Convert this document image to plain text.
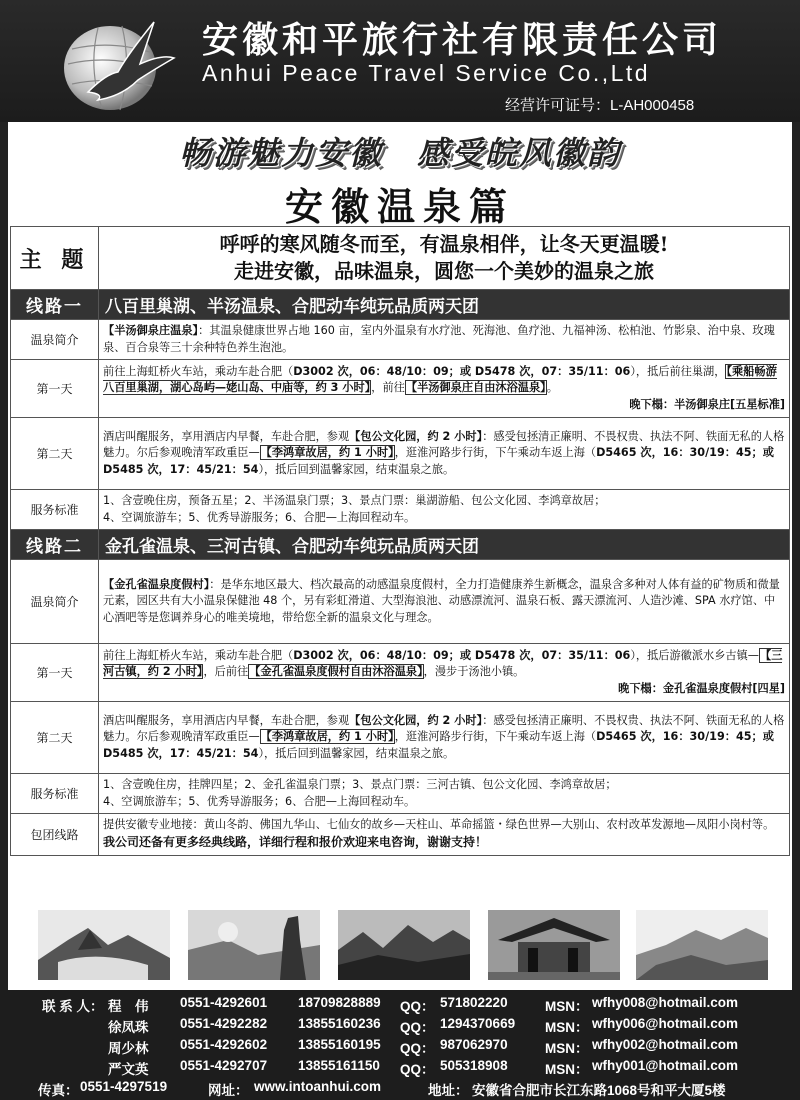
安徽和平旅行社有限责任公司
Anhui Peace Travel Service Co.,Ltd
经营许可证号：L-AH000458
畅游魅力安徽　感受皖风徽韵
安徽温泉篇
主 题	呼呼的寒风随冬而至，有温泉相伴，让冬天更温暖!
走进安徽，品味温泉，圆您一个美妙的温泉之旅

线路一	八百里巢湖、半汤温泉、合肥动车纯玩品质两天团
温泉简介	【半汤御泉庄温泉】：其温泉健康世界占地 160 亩，室内外温泉有水疗池、死海池、鱼疗池、九福神汤、松柏池、竹影泉、治中泉、玫瑰泉、百合泉等三十余种特色养生泡池。
第一天	前往上海虹桥火车站，乘动车赴合肥（D3002 次，06：48/10：09；或 D5478 次，07：35/11：06），抵后前往巢湖，【乘船畅游八百里巢湖，湖心岛屿—姥山岛、中庙等，约 3 小时】，前往【半汤御泉庄自由沐浴温泉】。
晚下榻：半汤御泉庄[五星标准]

第二天	酒店叫醒服务，享用酒店内早餐，车赴合肥，参观【包公文化园，约 2 小时】：感受包拯清正廉明、不畏权贵、执法不阿、铁面无私的人格魅力。尔后参观晚清军政重臣—【李鸿章故居，约 1 小时】，逛淮河路步行街，下午乘动车返上海（D5465 次，16：30/19：45；或 D5485 次，17：45/21：54），抵后回到温馨家园，结束温泉之旅。
服务标准	1、含壹晚住房，预备五星；2、半汤温泉门票；3、景点门票：巢湖游船、包公文化园、李鸿章故居；
4、空调旅游车；5、优秀导游服务；6、合肥—上海回程动车。

线路二	金孔雀温泉、三河古镇、合肥动车纯玩品质两天团
温泉简介	【金孔雀温泉度假村】：是华东地区最大、档次最高的动感温泉度假村，全力打造健康养生新概念，温泉含多种对人体有益的矿物质和微量元素，园区共有大小温泉保健池 48 个，另有彩虹滑道、大型海浪池、动感漂流河、温泉石板、露天漂流河、人造沙滩、SPA 水疗馆、中心酒吧等是您调养身心的唯美境地，带给您全新的温泉文化与理念。
第一天	前往上海虹桥火车站，乘动车赴合肥（D3002 次，06：48/10：09；或 D5478 次，07：35/11：06），抵后游徽派水乡古镇—【三河古镇，约 2 小时】，后前往【金孔雀温泉度假村自由沐浴温泉】，漫步于汤池小镇。
晚下榻：金孔雀温泉度假村[四星]

第二天	酒店叫醒服务，享用酒店内早餐，车赴合肥，参观【包公文化园，约 2 小时】：感受包拯清正廉明、不畏权贵、执法不阿、铁面无私的人格魅力。尔后参观晚清军政重臣—【李鸿章故居，约 1 小时】，逛淮河路步行街，下午乘动车返上海（D5465 次，16：30/19：45；或 D5485 次，17：45/21：54），抵后回到温馨家园，结束温泉之旅。
服务标准	1、含壹晚住房，挂牌四星；2、金孔雀温泉门票；3、景点门票：三河古镇、包公文化园、李鸿章故居；
4、空调旅游车；5、优秀导游服务；6、合肥—上海回程动车。

包团线路	提供安徽专业地接：黄山冬韵、佛国九华山、七仙女的故乡—天柱山、革命摇篮・绿色世界—大别山、农村改革发源地—凤阳小岗村等。　我公司还备有更多经典线路，详细行程和报价欢迎来电咨询，谢谢支持！
联 系 人： 程　伟 0551-4292601 18709828889 QQ： 571802220	MSN： wfhy008@hotmail.com
徐凤珠 0551-4292282 13855160236 QQ： 1294370669 MSN： wfhy006@hotmail.com
周少林 0551-4292602 13855160195 QQ： 987062970	MSN： wfhy002@hotmail.com
严文英 0551-4292707 13855161150 QQ： 505318908	MSN： wfhy001@hotmail.com
传真： 0551-4297519	网址： www.intoanhui.com	地址： 安徽省合肥市长江东路1068号和平大厦5楼
